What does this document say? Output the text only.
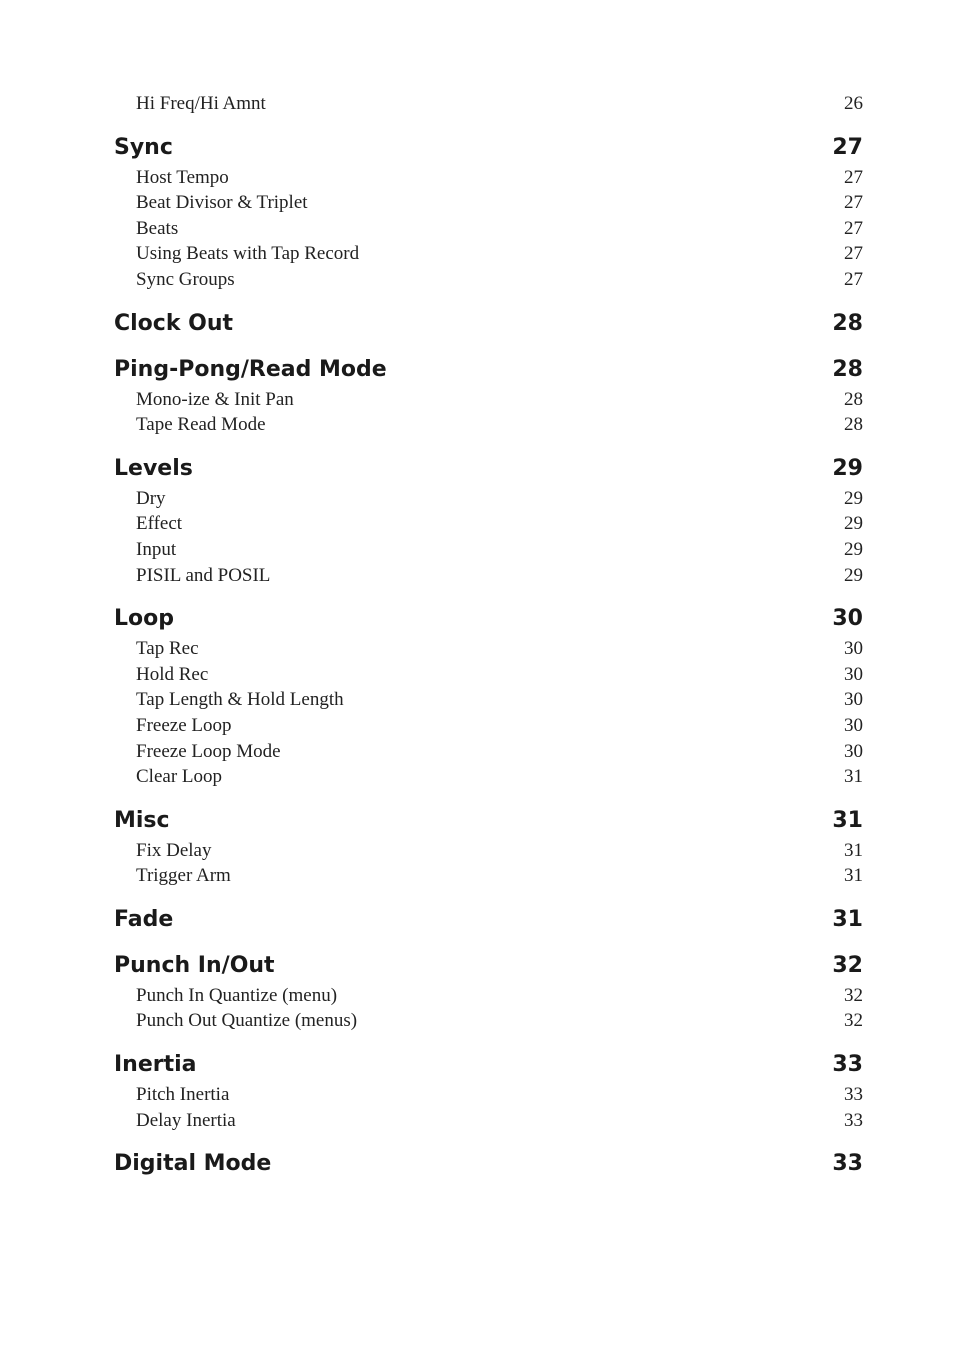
Hi Freq/Hi Amnt	26
Sync	27
Host Tempo	27
Beat Divisor & Triplet	27
Beats	27
Using Beats with Tap Record	27
Sync Groups	27
Clock Out	28
Ping-Pong/Read Mode	28
Mono-ize & Init Pan	28
Tape Read Mode	28
Levels	29
Dry	29
Effect	29
Input	29
PISIL and POSIL	29
Loop	30
Tap Rec	30
Hold Rec	30
Tap Length & Hold Length	30
Freeze Loop	30
Freeze Loop Mode	30
Clear Loop	31
Misc	31
Fix Delay	31
Trigger Arm	31
Fade	31
Punch In/Out	32
Punch In Quantize (menu)	32
Punch Out Quantize (menus)	32
Inertia	33
Pitch Inertia	33
Delay Inertia	33
Digital Mode	33
